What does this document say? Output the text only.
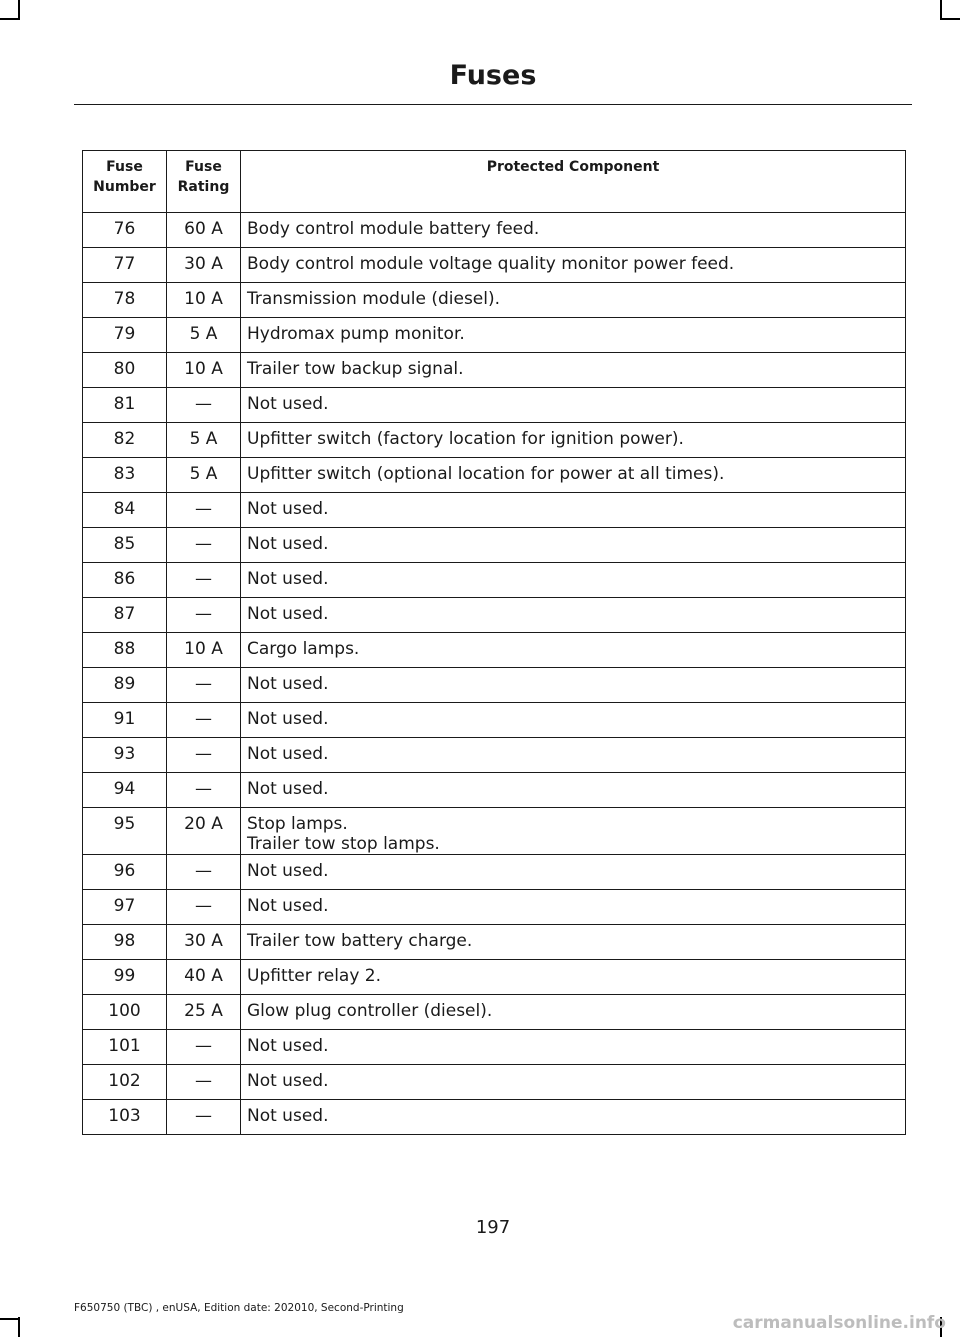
Fuses
Fuse Number	Fuse Rating	Protected Component
76	60 A	Body control module battery feed.
77	30 A	Body control module voltage quality monitor power feed.
78	10 A	Transmission module (diesel).
79	5 A	Hydromax pump monitor.
80	10 A	Trailer tow backup signal.
81	—	Not used.
82	5 A	Upfitter switch (factory location for ignition power).
83	5 A	Upfitter switch (optional location for power at all times).
84	—	Not used.
85	—	Not used.
86	—	Not used.
87	—	Not used.
88	10 A	Cargo lamps.
89	—	Not used.
91	—	Not used.
93	—	Not used.
94	—	Not used.
95	20 A	Stop lamps.
Trailer tow stop lamps.
96	—	Not used.
97	—	Not used.
98	30 A	Trailer tow battery charge.
99	40 A	Upfitter relay 2.
100	25 A	Glow plug controller (diesel).
101	—	Not used.
102	—	Not used.
103	—	Not used.
197
F650750 (TBC) , enUSA, Edition date: 202010, Second-Printing
carmanualsonline.info
